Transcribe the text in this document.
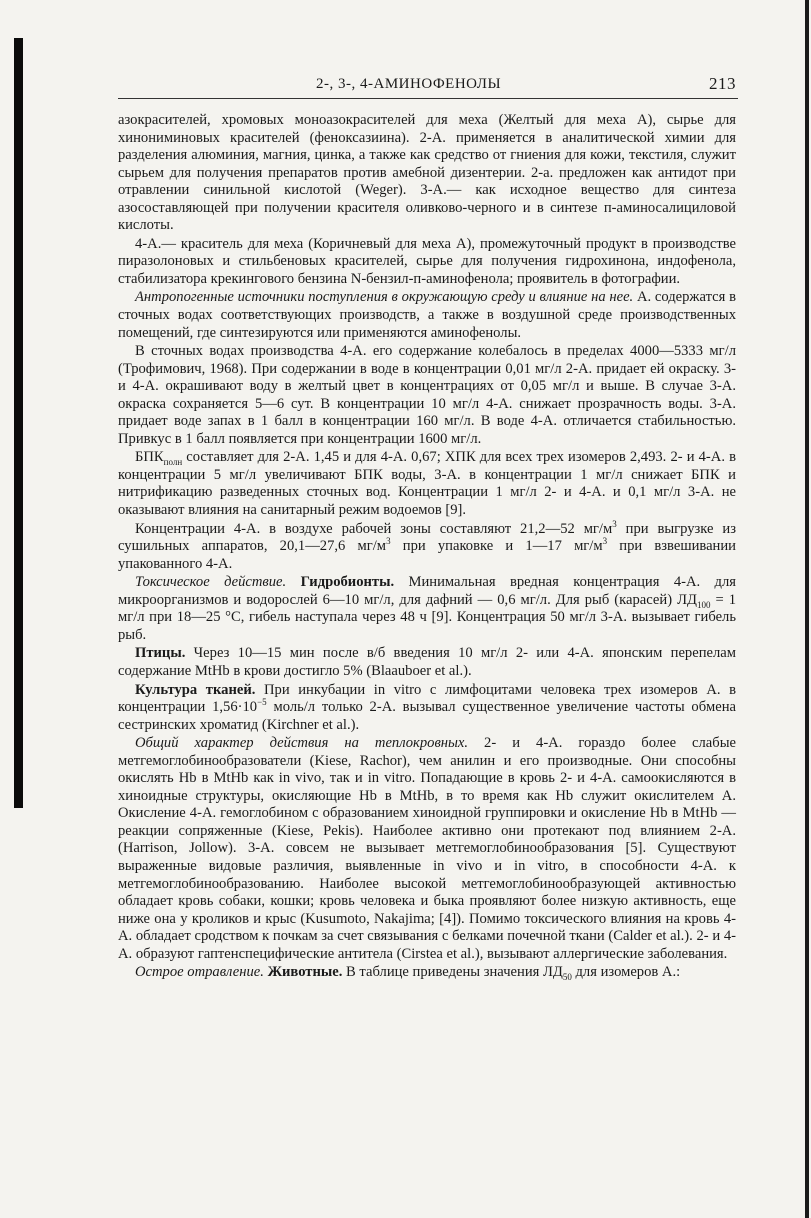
2-, 3-, 4-АМИНОФЕНОЛЫ	213

азокрасителей, хромовых моноазокрасителей для меха (Желтый для меха А), сырье для хинониминовых красителей (феноксазиина). 2-А. применяется в аналитической химии для разделения алюминия, магния, цинка, а также как средство от гниения для кожи, текстиля, служит сырьем для получения препаратов против амебной дизентерии. 2-а. предложен как антидот при отравлении синильной кислотой (Weger). 3-А.— как исходное вещество для синтеза азосоставляющей при получении красителя оливково-черного и в синтезе п-аминосалициловой кислоты.

4-А.— краситель для меха (Коричневый для меха А), промежуточный продукт в производстве пиразолоновых и стильбеновых красителей, сырье для получения гидрохинона, индофенола, стабилизатора крекингового бензина N-бензил-п-аминофенола; проявитель в фотографии.

Антропогенные источники поступления в окружающую среду и влияние на нее. А. содержатся в сточных водах соответствующих производств, а также в воздушной среде производственных помещений, где синтезируются или применяются аминофенолы.

В сточных водах производства 4-А. его содержание колебалось в пределах 4000—5333 мг/л (Трофимович, 1968). При содержании в воде в концентрации 0,01 мг/л 2-А. придает ей окраску. 3- и 4-А. окрашивают воду в желтый цвет в концентрациях от 0,05 мг/л и выше. В случае 3-А. окраска сохраняется 5—6 сут. В концентрации 10 мг/л 4-А. снижает прозрачность воды. 3-А. придает воде запах в 1 балл в концентрации 160 мг/л. В воде 4-А. отличается стабильностью. Привкус в 1 балл появляется при концентрации 1600 мг/л.

$БПК_{полн}$ составляет для 2-А. 1,45 и для 4-А. 0,67; ХПК для всех трех изомеров 2,493. 2- и 4-А. в концентрации 5 мг/л увеличивают БПК воды, 3-А. в концентрации 1 мг/л снижает БПК и нитрификацию разведенных сточных вод. Концентрации 1 мг/л 2- и 4-А. и 0,1 мг/л 3-А. не оказывают влияния на санитарный режим водоемов [9].

Концентрации 4-А. в воздухе рабочей зоны составляют 21,2—52 $мг/м^3$ при выгрузке из сушильных аппаратов, 20,1—27,6 $мг/м^3$ при упаковке и 1—17 $мг/м^3$ при взвешивании упакованного 4-А.

Токсическое действие. Гидробионты. Минимальная вредная концентрация 4-А. для микроорганизмов и водорослей 6—10 мг/л, для дафний — 0,6 мг/л. Для рыб (карасей) $ЛД_{100} = 1$ мг/л при 18—25 °С, гибель наступала через 48 ч [9]. Концентрация 50 мг/л 3-А. вызывает гибель рыб.

Птицы. Через 10—15 мин после в/б введения 10 мг/л 2- или 4-А. японским перепелам содержание MtHb в крови достигло 5% (Blaauboer et al.).

Культура тканей. При инкубации in vitro с лимфоцитами человека трех изомеров А. в концентрации $1,56\cdot 10^{-5}$ моль/л только 2-А. вызывал существенное увеличение частоты обмена сестринских хроматид (Kirchner et al.).

Общий характер действия на теплокровных. 2- и 4-А. гораздо более слабые метгемоглобинообразователи (Kiese, Rachor), чем анилин и его производные. Они способны окислять Hb в MtHb как in vivo, так и in vitro. Попадающие в кровь 2- и 4-А. самоокисляются в хиноидные структуры, окисляющие Hb в MtHb, в то время как Hb служит окислителем А. Окисление 4-А. гемоглобином с образованием хиноидной группировки и окисление Hb в MtHb — реакции сопряженные (Kiese, Pekis). Наиболее активно они протекают под влиянием 2-А. (Harrison, Jollow). 3-А. совсем не вызывает метгемоглобинообразования [5]. Существуют выраженные видовые различия, выявленные in vivo и in vitro, в способности 4-А. к метгемоглобинообразованию. Наиболее высокой метгемоглобинообразующей активностью обладает кровь собаки, кошки; кровь человека и быка проявляют более низкую активность, еще ниже она у кроликов и крыс (Kusumoto, Nakajima; [4]). Помимо токсического влияния на кровь 4-А. обладает сродством к почкам за счет связывания с белками почечной ткани (Calder et al.). 2- и 4-А. образуют гаптенспецифические антитела (Cirstea et al.), вызывают аллергические заболевания.

Острое отравление. Животные. В таблице приведены значения $ЛД_{50}$ для изомеров А.:
